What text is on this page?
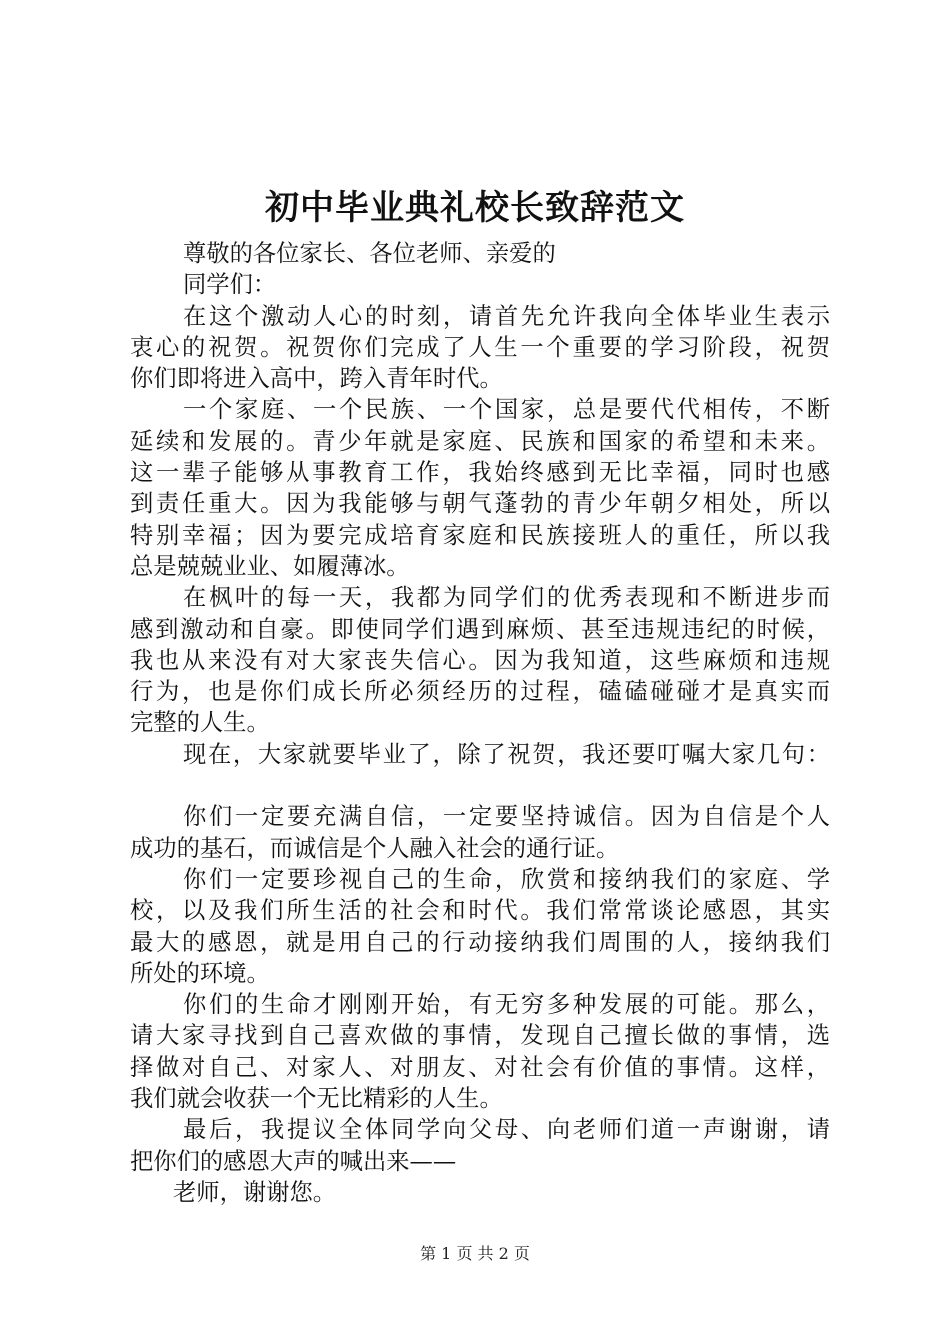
初中毕业典礼校长致辞范文
尊敬的各位家长、各位老师、亲爱的
同学们：
在这个激动人心的时刻，请首先允许我向全体毕业生表示
衷心的祝贺。祝贺你们完成了人生一个重要的学习阶段，祝贺
你们即将进入高中，跨入青年时代。
一个家庭、一个民族、一个国家，总是要代代相传，不断
延续和发展的。青少年就是家庭、民族和国家的希望和未来。
这一辈子能够从事教育工作，我始终感到无比幸福，同时也感
到责任重大。因为我能够与朝气蓬勃的青少年朝夕相处，所以
特别幸福；因为要完成培育家庭和民族接班人的重任，所以我
总是兢兢业业、如履薄冰。
在枫叶的每一天，我都为同学们的优秀表现和不断进步而
感到激动和自豪。即使同学们遇到麻烦、甚至违规违纪的时候，
我也从来没有对大家丧失信心。因为我知道，这些麻烦和违规
行为，也是你们成长所必须经历的过程，磕磕碰碰才是真实而
完整的人生。
现在，大家就要毕业了，除了祝贺，我还要叮嘱大家几句：
你们一定要充满自信，一定要坚持诚信。因为自信是个人
成功的基石，而诚信是个人融入社会的通行证。
你们一定要珍视自己的生命，欣赏和接纳我们的家庭、学
校，以及我们所生活的社会和时代。我们常常谈论感恩，其实
最大的感恩，就是用自己的行动接纳我们周围的人，接纳我们
所处的环境。
你们的生命才刚刚开始，有无穷多种发展的可能。那么，
请大家寻找到自己喜欢做的事情，发现自己擅长做的事情，选
择做对自己、对家人、对朋友、对社会有价值的事情。这样，
我们就会收获一个无比精彩的人生。
最后，我提议全体同学向父母、向老师们道一声谢谢，请
把你们的感恩大声的喊出来——
老师，谢谢您。
第 1 页 共 2 页
